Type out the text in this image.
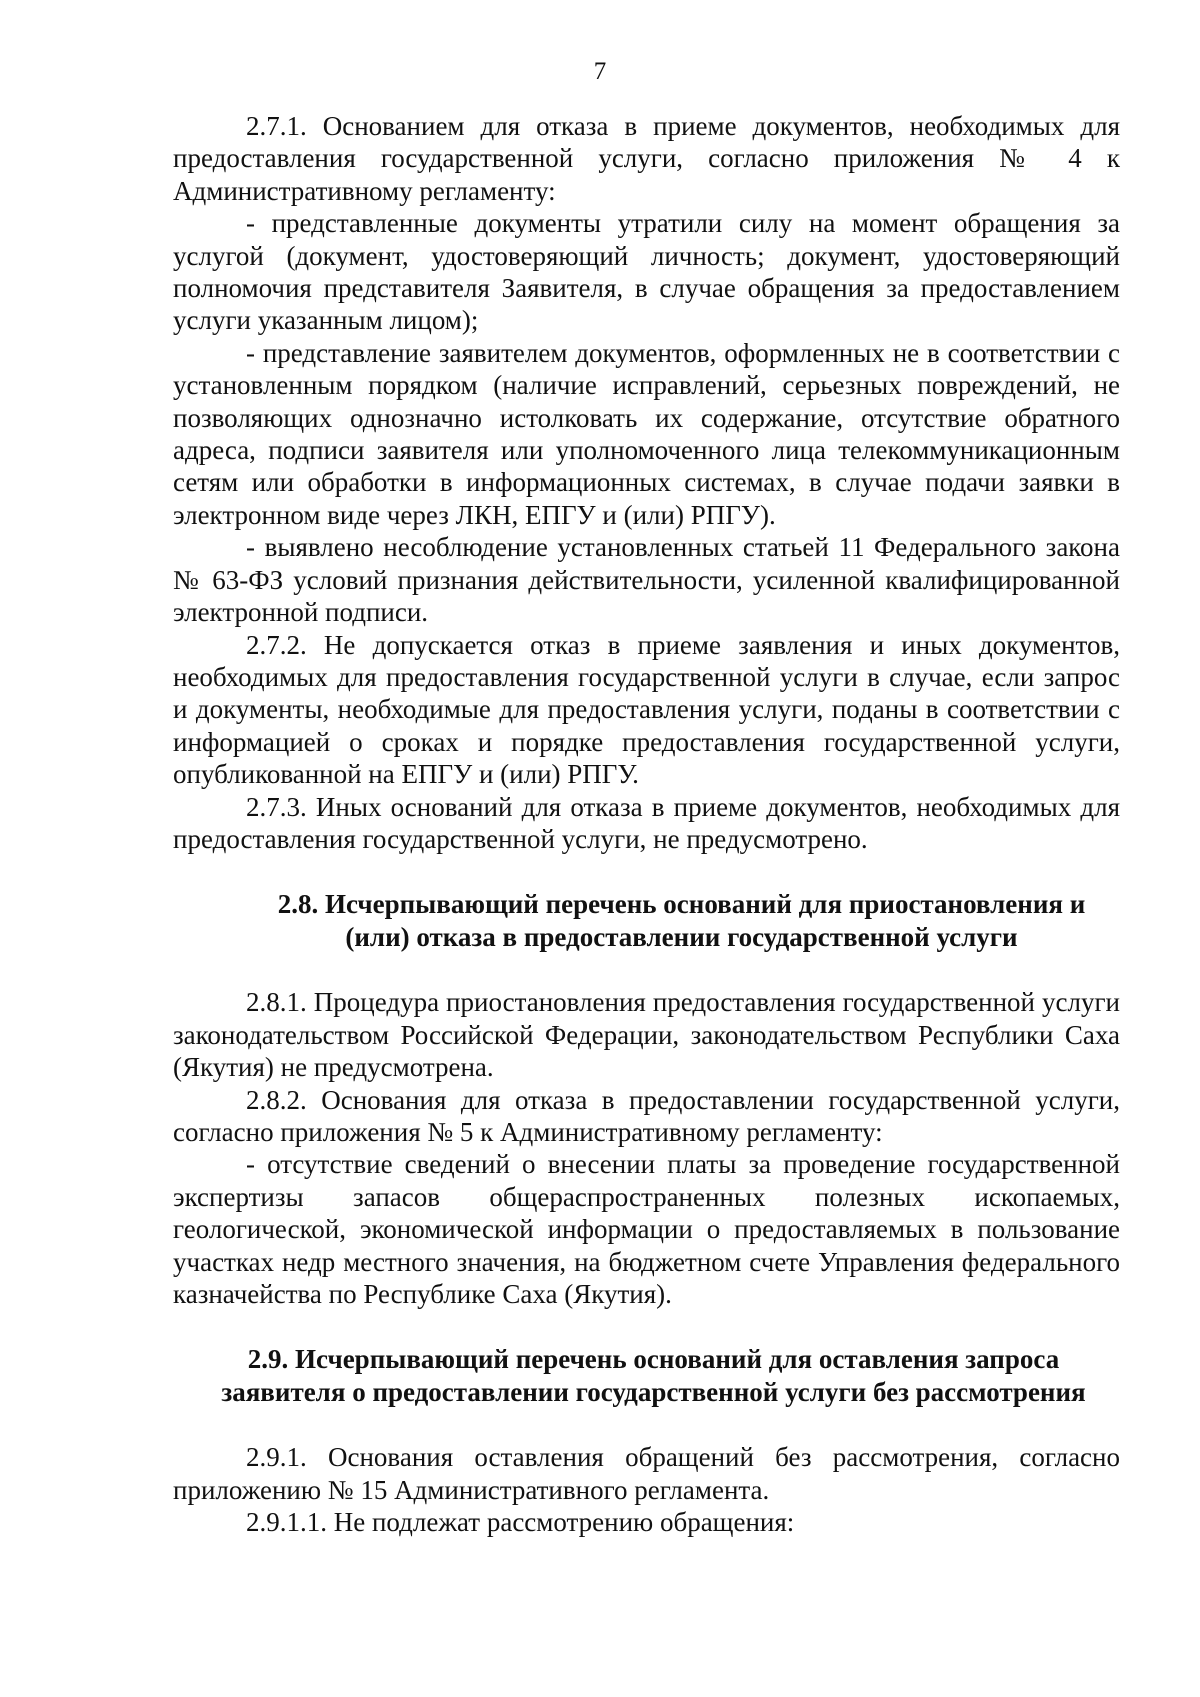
7

2.7.1. Основанием для отказа в приеме документов, необходимых для предоставления государственной услуги, согласно приложения № 4 к Административному регламенту:

- представленные документы утратили силу на момент обращения за услугой (документ, удостоверяющий личность; документ, удостоверяющий полномочия представителя Заявителя, в случае обращения за предоставлением услуги указанным лицом);

- представление заявителем документов, оформленных не в соответствии с установленным порядком (наличие исправлений, серьезных повреждений, не позволяющих однозначно истолковать их содержание, отсутствие обратного адреса, подписи заявителя или уполномоченного лица телекоммуникационным сетям или обработки в информационных системах, в случае подачи заявки в электронном виде через ЛКН, ЕПГУ и (или) РПГУ).

- выявлено несоблюдение установленных статьей 11 Федерального закона № 63-ФЗ условий признания действительности, усиленной квалифицированной электронной подписи.

2.7.2. Не допускается отказ в приеме заявления и иных документов, необходимых для предоставления государственной услуги в случае, если запрос и документы, необходимые для предоставления услуги, поданы в соответствии с информацией о сроках и порядке предоставления государственной услуги, опубликованной на ЕПГУ и (или) РПГУ.

2.7.3. Иных оснований для отказа в приеме документов, необходимых для предоставления государственной услуги, не предусмотрено.

2.8. Исчерпывающий перечень оснований для приостановления и (или) отказа в предоставлении государственной услуги

2.8.1. Процедура приостановления предоставления государственной услуги законодательством Российской Федерации, законодательством Республики Саха (Якутия) не предусмотрена.

2.8.2. Основания для отказа в предоставлении государственной услуги, согласно приложения № 5 к Административному регламенту:

- отсутствие сведений о внесении платы за проведение государственной экспертизы запасов общераспространенных полезных ископаемых, геологической, экономической информации о предоставляемых в пользование участках недр местного значения, на бюджетном счете Управления федерального казначейства по Республике Саха (Якутия).

2.9. Исчерпывающий перечень оснований для оставления запроса заявителя о предоставлении государственной услуги без рассмотрения

2.9.1. Основания оставления обращений без рассмотрения, согласно приложению № 15 Административного регламента.

2.9.1.1. Не подлежат рассмотрению обращения:
